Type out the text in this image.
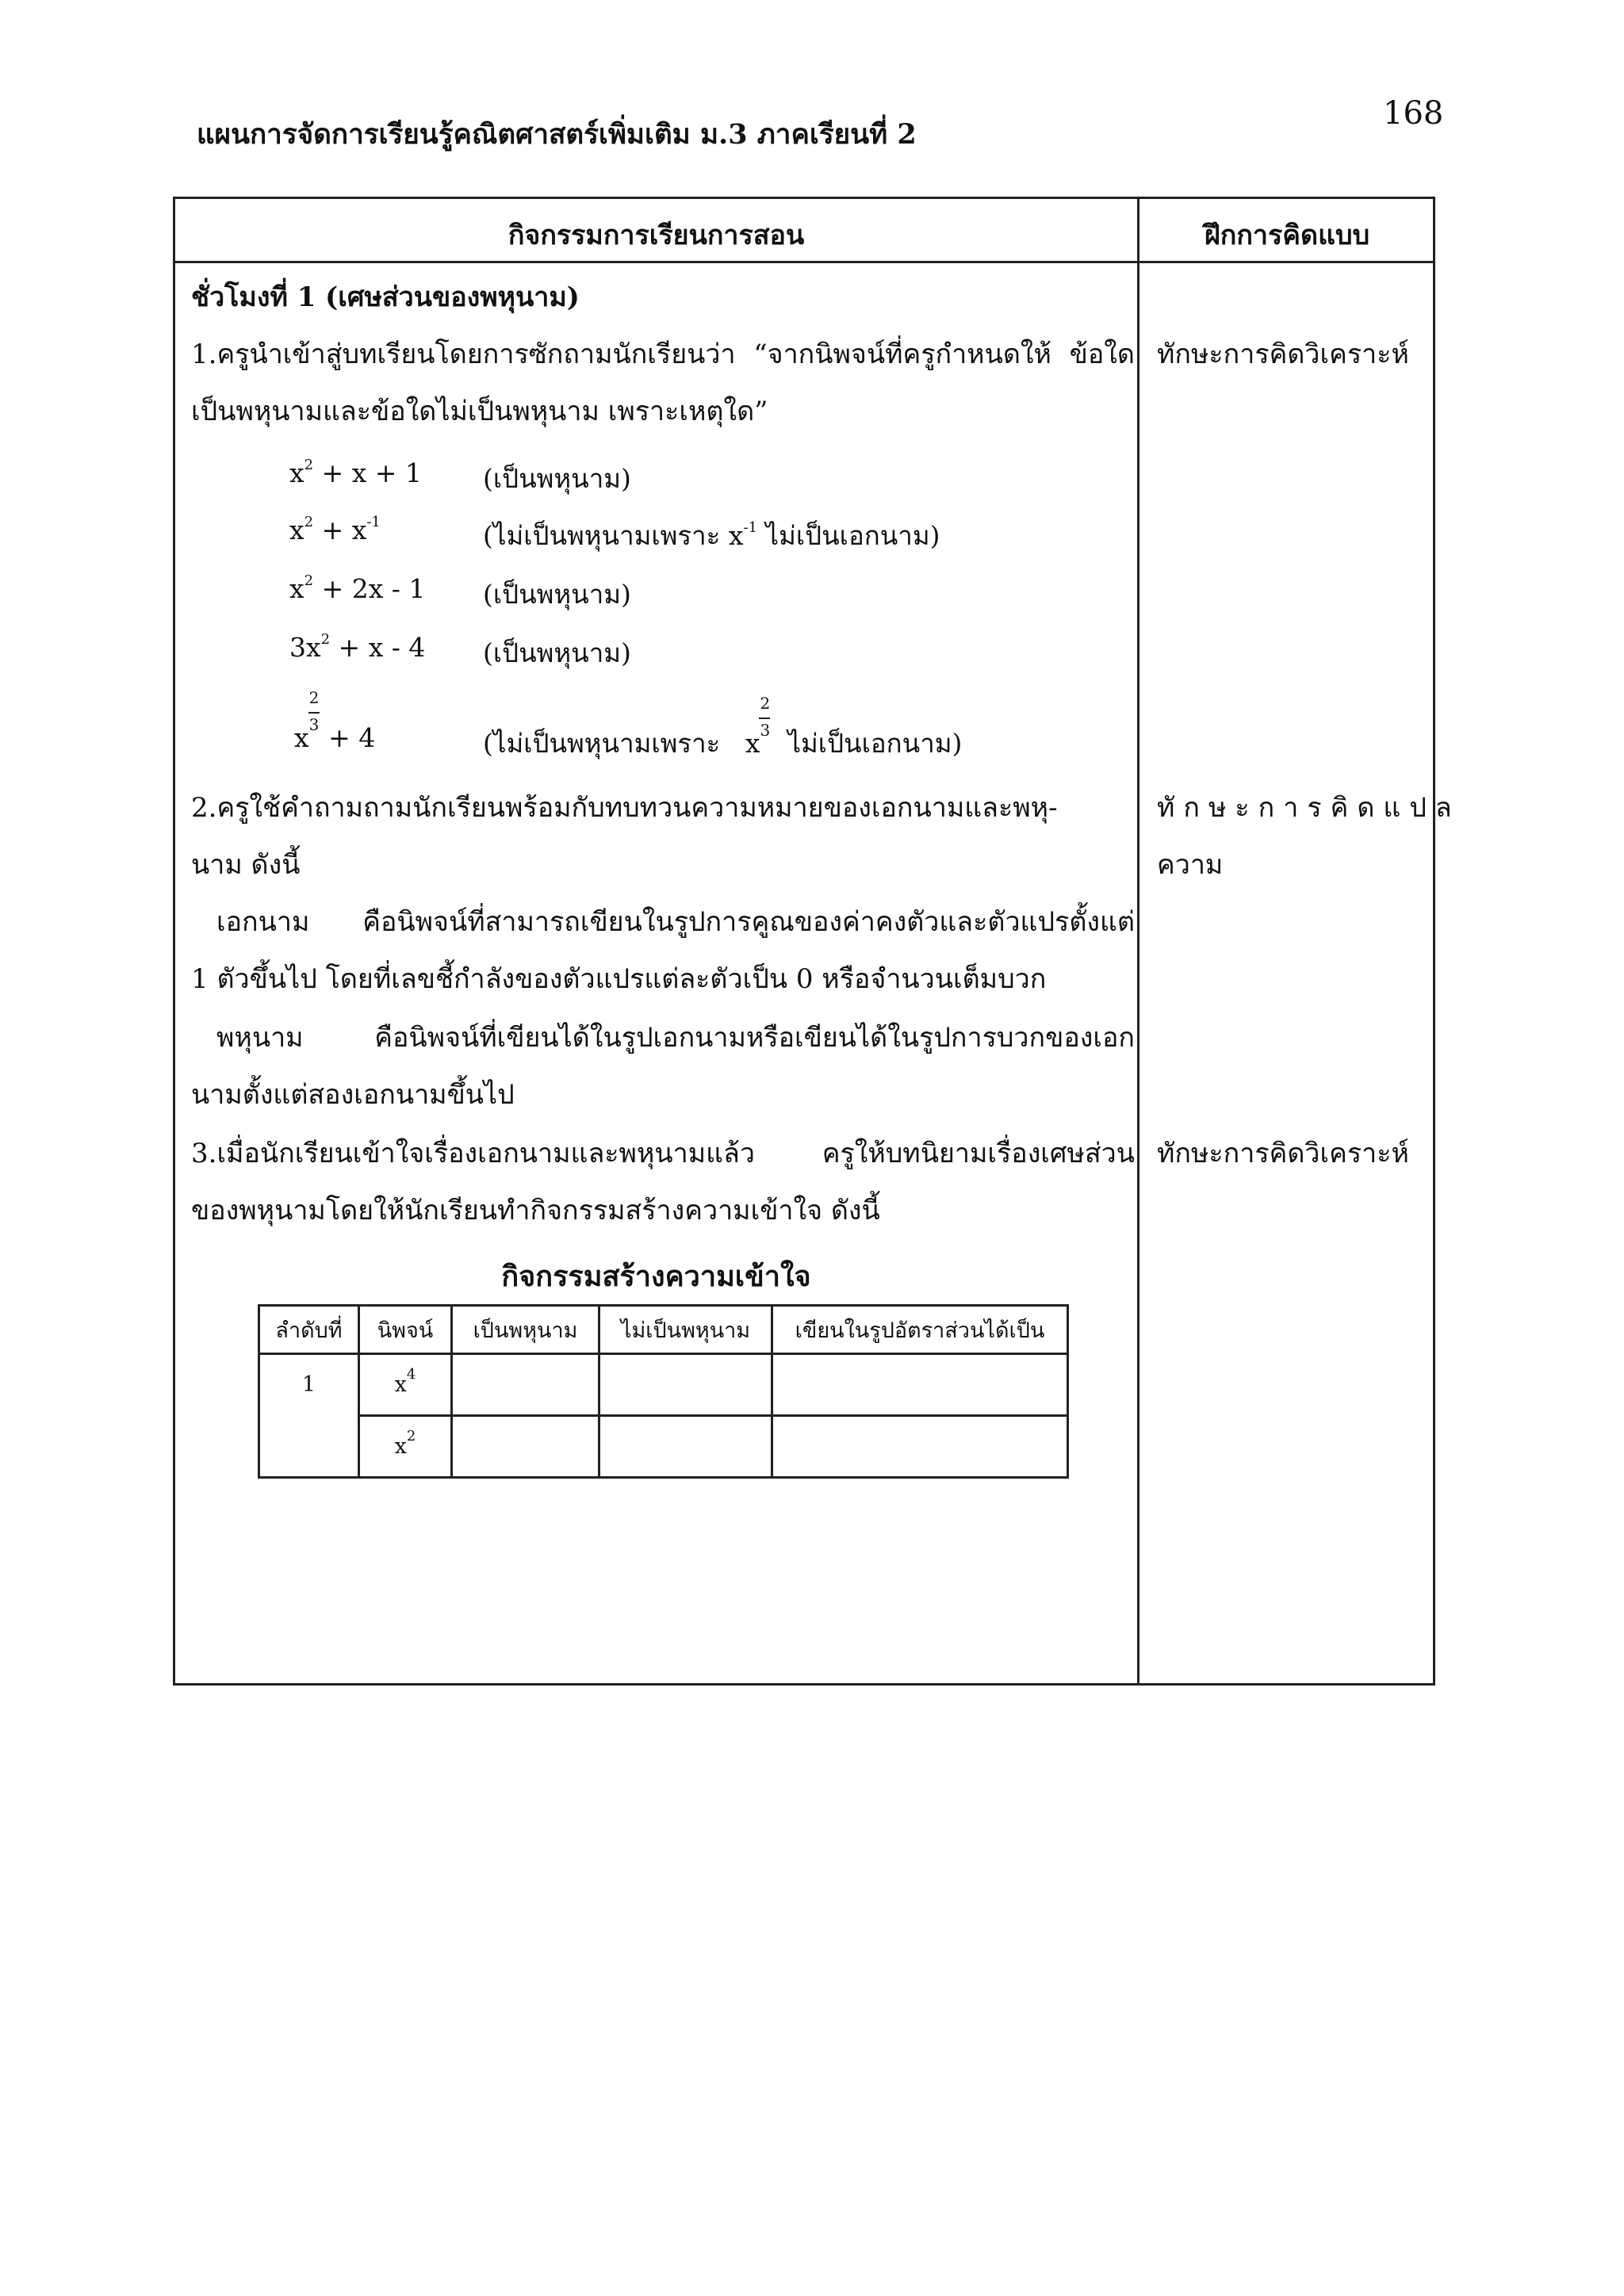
168
แผนการจัดการเรียนรู้คณิตศาสตร์เพิ่มเติม ม.3 ภาคเรียนที่ 2
กิจกรรมการเรียนการสอน	ฝึกการคิดแบบ
ชั่วโมงที่ 1 (เศษส่วนของพหุนาม)
1.ครูนำเข้าสู่บทเรียนโดยการซักถามนักเรียนว่า “จากนิพจน์ที่ครูกำหนดให้ ข้อใด
เป็นพหุนามและข้อใดไม่เป็นพหุนาม เพราะเหตุใด”
ทักษะการคิดวิเคราะห์
$x^2 + x + 1$ (เป็นพหุนาม)
$x^2 + x^{-1}$	(ไม่เป็นพหุนามเพราะ $x^{-1}$ ไม่เป็นเอกนาม)
$x^2 + 2x - 1$ (เป็นพหุนาม)
$3x^2 + x - 4$ (เป็นพหุนาม)
x $\frac{2}{3} + 4$	(ไม่เป็นพหุนามเพราะ   x $\frac{2}{3}$ ไม่เป็นเอกนาม)
2.ครูใช้คำถามถามนักเรียนพร้อมกับทบทวนความหมายของเอกนามและพหุ-
นาม ดังนี้
ทักษะการคิดแปล
ความ
เอกนาม คือนิพจน์ที่สามารถเขียนในรูปการคูณของค่าคงตัวและตัวแปรตั้งแต่
1 ตัวขึ้นไป โดยที่เลขชี้กำลังของตัวแปรแต่ละตัวเป็น 0 หรือจำนวนเต็มบวก
พหุนาม คือนิพจน์ที่เขียนได้ในรูปเอกนามหรือเขียนได้ในรูปการบวกของเอก
นามตั้งแต่สองเอกนามขึ้นไป
3.เมื่อนักเรียนเข้าใจเรื่องเอกนามและพหุนามแล้ว ครูให้บทนิยามเรื่องเศษส่วน
ของพหุนามโดยให้นักเรียนทำกิจกรรมสร้างความเข้าใจ ดังนี้
ทักษะการคิดวิเคราะห์
กิจกรรมสร้างความเข้าใจ
ลำดับที่	นิพจน์	เป็นพหุนาม	ไม่เป็นพหุนาม	เขียนในรูปอัตราส่วนได้เป็น
1	$x^4$			
	$x^2$			
